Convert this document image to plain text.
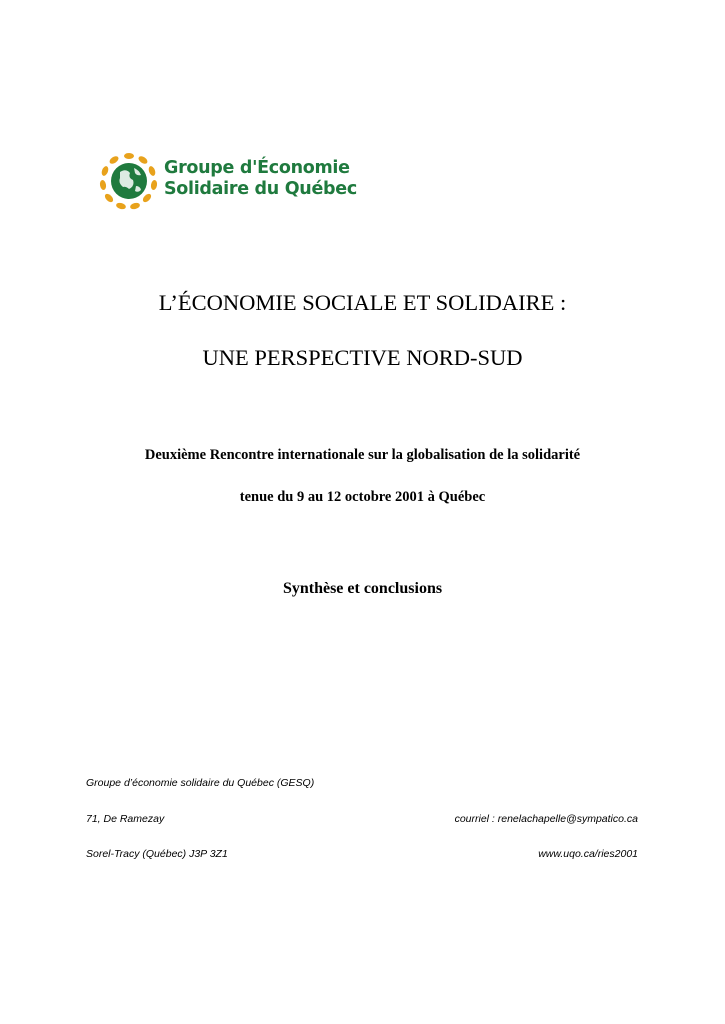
Groupe d'Économie
Solidaire du Québec
L’ÉCONOMIE SOCIALE ET SOLIDAIRE :
UNE PERSPECTIVE NORD-SUD
Deuxième Rencontre internationale sur la globalisation de la solidarité
tenue du 9 au 12 octobre 2001 à Québec
Synthèse et conclusions
Groupe d’économie solidaire du Québec (GESQ)
71, De Ramezay
Sorel-Tracy (Québec) J3P 3Z1
courriel : renelachapelle@sympatico.ca
www.uqo.ca/ries2001
